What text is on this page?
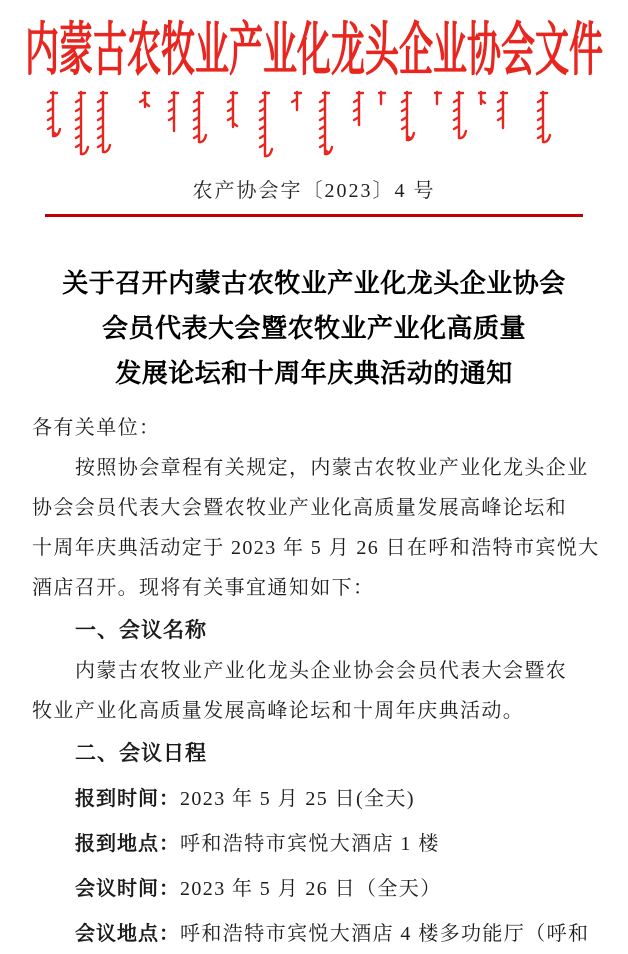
内蒙古农牧业产业化龙头企业协会文件
农产协会字〔2023〕4 号
关于召开内蒙古农牧业产业化龙头企业协会
会员代表大会暨农牧业产业化高质量
发展论坛和十周年庆典活动的通知
各有关单位：
按照协会章程有关规定，内蒙古农牧业产业化龙头企业
协会会员代表大会暨农牧业产业化高质量发展高峰论坛和
十周年庆典活动定于 2023 年 5 月 26 日在呼和浩特市宾悦大
酒店召开。现将有关事宜通知如下：
一、会议名称
内蒙古农牧业产业化龙头企业协会会员代表大会暨农
牧业产业化高质量发展高峰论坛和十周年庆典活动。
二、会议日程
报到时间：2023 年 5 月 25 日(全天)
报到地点：呼和浩特市宾悦大酒店 1 楼
会议时间：2023 年 5 月 26 日（全天）
会议地点：呼和浩特市宾悦大酒店 4 楼多功能厅（呼和
